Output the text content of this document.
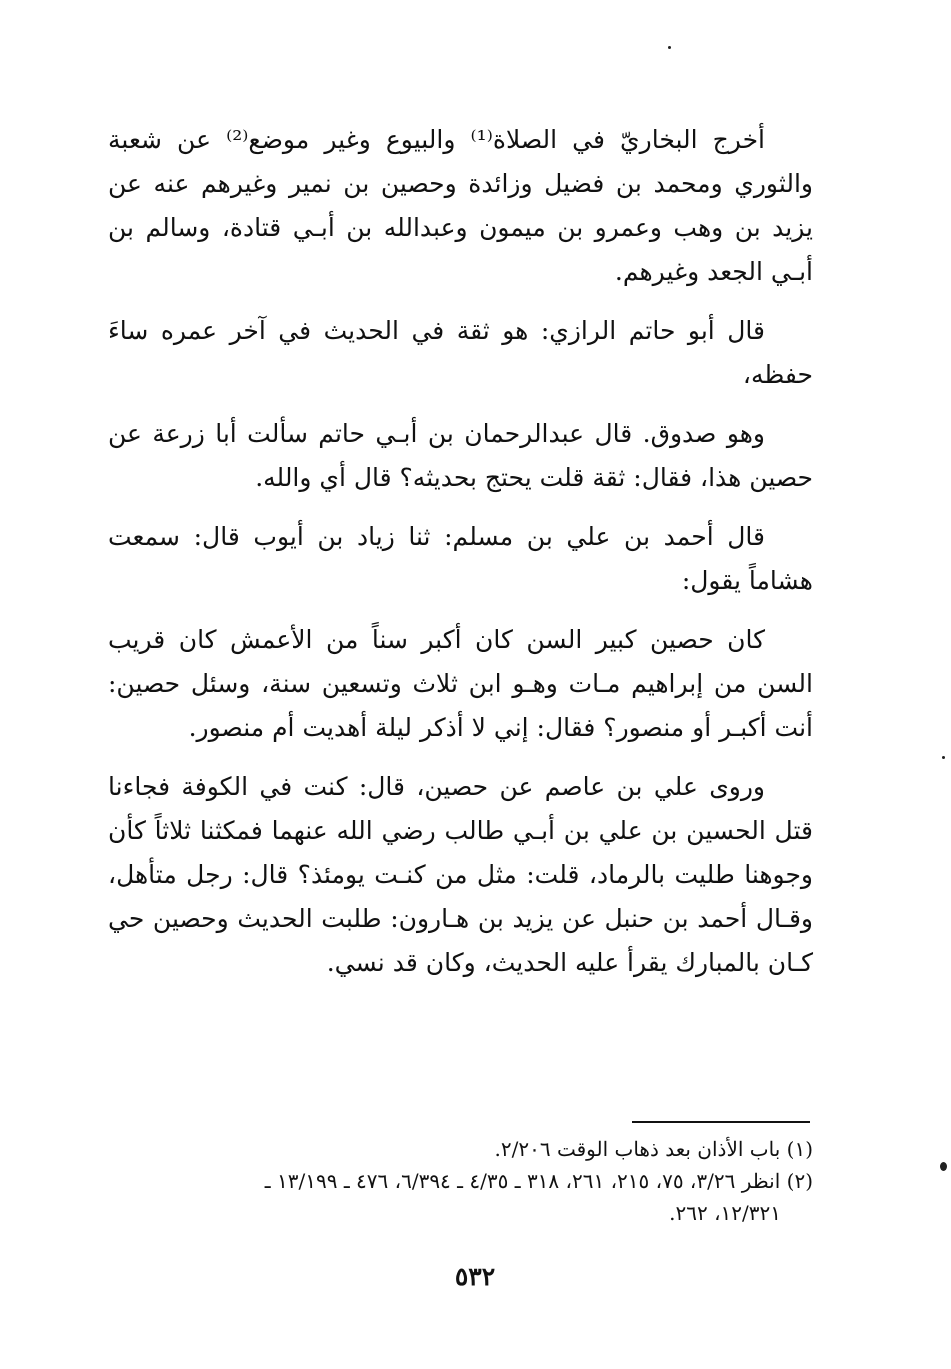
أخرج البخاريّ في الصلاة⁽¹⁾ والبيوع وغير موضع⁽²⁾ عن شعبة والثوري ومحمد بن فضيل وزائدة وحصين بن نمير وغيرهم عنه عن يزيد بن وهب وعمرو بن ميمون وعبدالله بن أبـي قتادة، وسالم بن أبـي الجعد وغيرهم.

قال أبو حاتم الرازي: هو ثقة في الحديث في آخر عمره ساءَ حفظه،

وهو صدوق. قال عبدالرحمان بن أبـي حاتم سألت أبا زرعة عن حصين هذا، فقال: ثقة قلت يحتج بحديثه؟ قال أي والله.

قال أحمد بن علي بن مسلم: ثنا زياد بن أيوب قال: سمعت هشاماً يقول:

كان حصين كبير السن كان أكبر سناً من الأعمش كان قريب السن من إبراهيم مـات وهـو ابن ثلاث وتسعين سنة، وسئل حصين: أنت أكبـر أو منصور؟ فقال: إني لا أذكر ليلة أهديت أم منصور.

وروى علي بن عاصم عن حصين، قال: كنت في الكوفة فجاءنا قتل الحسين بن علي بن أبـي طالب رضي الله عنهما فمكثنا ثلاثاً كأن وجوهنا طليت بالرماد، قلت: مثل من كنـت يومئذ؟ قال: رجل متأهل، وقـال أحمد بن حنبل عن يزيد بن هـارون: طلبت الحديث وحصين حي كـان بالمبارك يقرأ عليه الحديث، وكان قد نسي.

(١) باب الأذان بعد ذهاب الوقت ٢/٢٠٦.

(٢) انظر ٣/٢٦، ٧٥، ٢١٥، ٢٦١، ٣١٨ ـ ٤/٣٥ ـ ٦/٣٩٤، ٤٧٦ ـ ١٣/١٩٩ ـ

١٢/٣٢١، ٢٦٢.

٥٣٢
